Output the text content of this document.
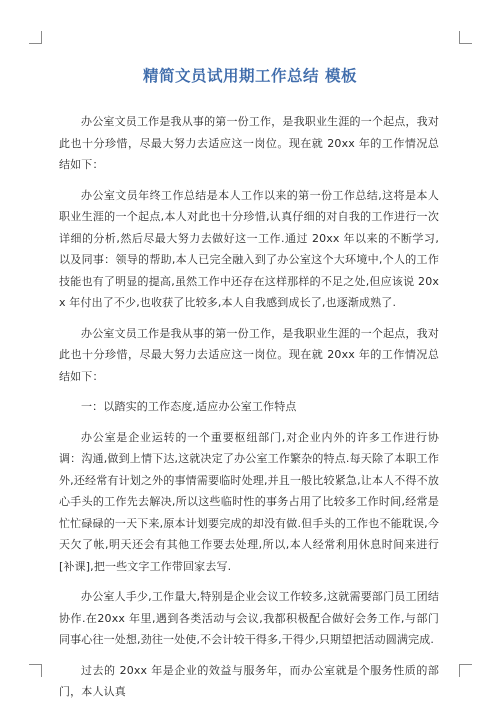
精简文员试用期工作总结 模板

办公室文员工作是我从事的第一份工作，是我职业生涯的一个起点，我对此也十分珍惜，尽最大努力去适应这一岗位。现在就 20xx 年的工作情况总结如下：

办公室文员年终工作总结是本人工作以来的第一份工作总结,这将是本人职业生涯的一个起点,本人对此也十分珍惜,认真仔细的对自我的工作进行一次详细的分析,然后尽最大努力去做好这一工作.通过 20xx 年以来的不断学习,以及同事：领导的帮助,本人已完全融入到了办公室这个大环境中,个人的工作技能也有了明显的提高,虽然工作中还存在这样那样的不足之处,但应该说 20xx 年付出了不少,也收获了比较多,本人自我感到成长了,也逐渐成熟了.

办公室文员工作是我从事的第一份工作，是我职业生涯的一个起点，我对此也十分珍惜，尽最大努力去适应这一岗位。现在就 20xx 年的工作情况总结如下：

一：以踏实的工作态度,适应办公室工作特点

办公室是企业运转的一个重要枢纽部门,对企业内外的许多工作进行协调：沟通,做到上情下达,这就决定了办公室工作繁杂的特点.每天除了本职工作外,还经常有计划之外的事情需要临时处理,并且一般比较紧急,让本人不得不放心手头的工作先去解决,所以这些临时性的事务占用了比较多工作时间,经常是忙忙碌碌的一天下来,原本计划要完成的却没有做.但手头的工作也不能耽误,今天欠了帐,明天还会有其他工作要去处理,所以,本人经常利用休息时间来进行[补课],把一些文字工作带回家去写.

办公室人手少,工作量大,特别是企业会议工作较多,这就需要部门员工团结协作.在20xx 年里,遇到各类活动与会议,我都积极配合做好会务工作,与部门同事心往一处想,劲往一处使,不会计较干得多,干得少,只期望把活动圆满完成.

过去的 20xx 年是企业的效益与服务年，而办公室就是个服务性质的部门，本人认真
